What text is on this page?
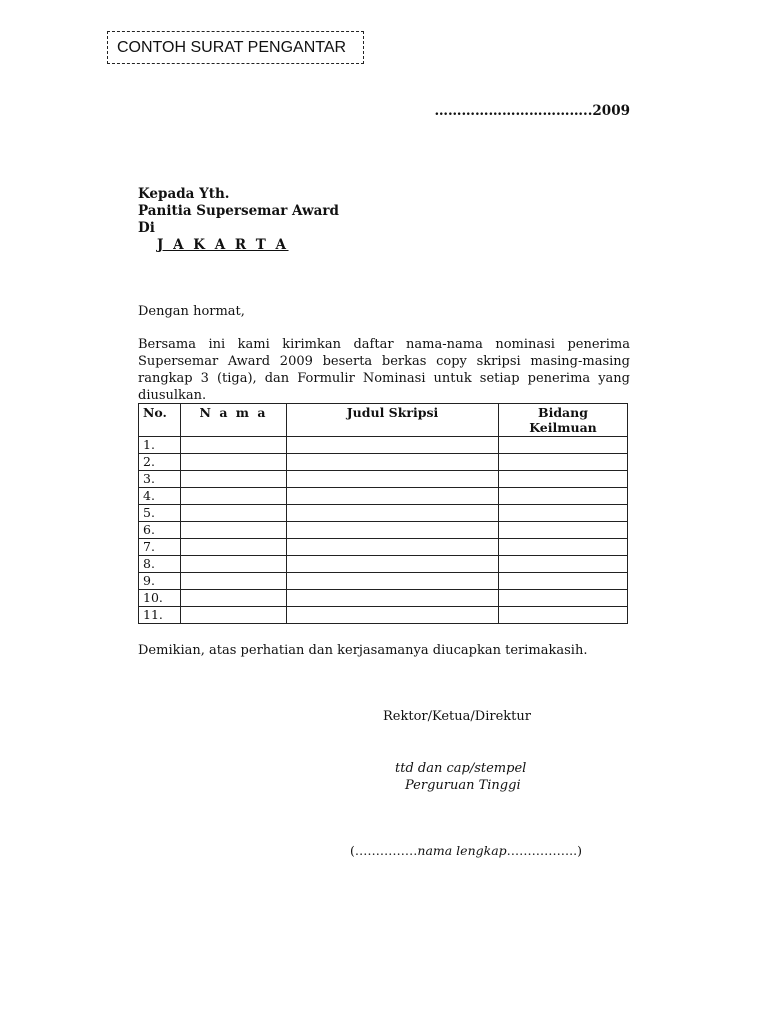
CONTOH SURAT PENGANTAR
……………………………..2009
Kepada Yth.
Panitia Supersemar Award
Di
J A K A R T A
Dengan hormat,

Bersama ini kami kirimkan daftar nama-nama nominasi penerima Supersemar Award 2009 beserta berkas copy skripsi masing-masing rangkap 3 (tiga), dan Formulir Nominasi untuk setiap penerima yang diusulkan.

No.	N a m a	Judul Skripsi	Bidang Keilmuan
1.			
2.			
3.			
4.			
5.			
6.			
7.			
8.			
9.			
10.			
11.			
Demikian, atas perhatian dan kerjasamanya diucapkan terimakasih.
Rektor/Ketua/Direktur
ttd dan cap/stempel
Perguruan Tinggi
(……………nama lengkap……………..)
